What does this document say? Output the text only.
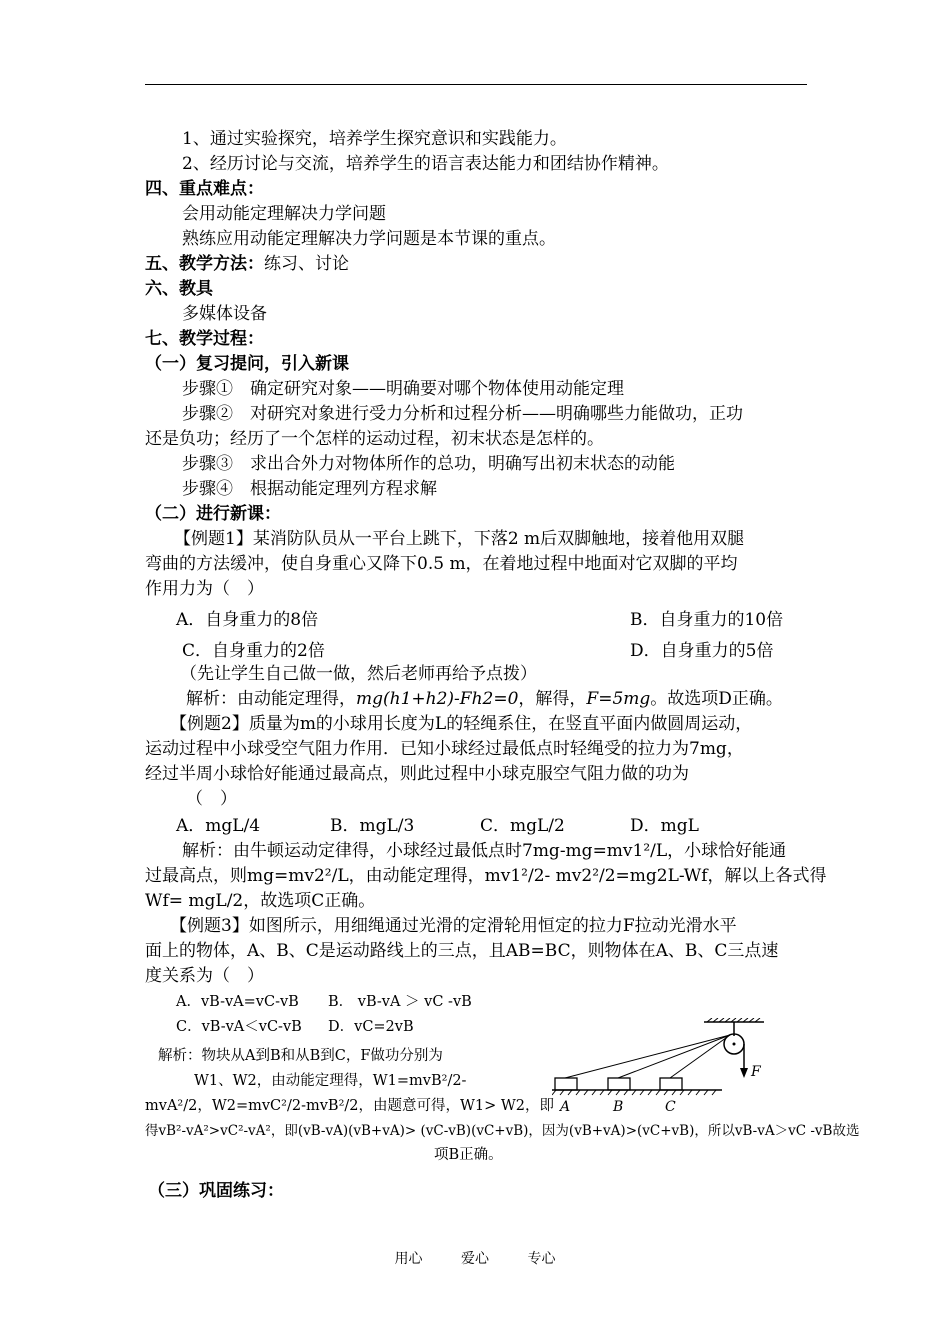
1、通过实验探究，培养学生探究意识和实践能力。
2、经历讨论与交流，培养学生的语言表达能力和团结协作精神。
四、重点难点：
会用动能定理解决力学问题
熟练应用动能定理解决力学问题是本节课的重点。
五、教学方法：练习、讨论
六、教具
多媒体设备
七、教学过程：
（一）复习提问，引入新课
步骤①　确定研究对象——明确要对哪个物体使用动能定理
步骤②　对研究对象进行受力分析和过程分析——明确哪些力能做功，正功
还是负功；经历了一个怎样的运动过程，初末状态是怎样的。
步骤③　求出合外力对物体所作的总功，明确写出初末状态的动能
步骤④　根据动能定理列方程求解
（二）进行新课：
【例题1】某消防队员从一平台上跳下，下落2 m后双脚触地，接着他用双腿
弯曲的方法缓冲，使自身重心又降下0.5 m，在着地过程中地面对它双脚的平均
作用力为（　）
A．自身重力的8倍	B．自身重力的10倍
C．自身重力的2倍	D．自身重力的5倍
（先让学生自己做一做，然后老师再给予点拨）
解析：由动能定理得，mg(h1+h2)-Fh2=0，解得，F=5mg。故选项D正确。
【例题2】质量为m的小球用长度为L的轻绳系住，在竖直平面内做圆周运动，
运动过程中小球受空气阻力作用．已知小球经过最低点时轻绳受的拉力为7mg，
经过半周小球恰好能通过最高点，则此过程中小球克服空气阻力做的功为
（　）
A．mgL/4	B．mgL/3	C．mgL/2	D．mgL
解析：由牛顿运动定律得，小球经过最低点时7mg-mg=mv1²/L，小球恰好能通
过最高点，则mg=mv2²/L，由动能定理得，mv1²/2- mv2²/2=mg2L-Wf，解以上各式得
Wf= mgL/2，故选项C正确。
【例题3】如图所示，用细绳通过光滑的定滑轮用恒定的拉力F拉动光滑水平
面上的物体，A、B、C是运动路线上的三点，且AB=BC，则物体在A、B、C三点速
度关系为（　）
A．vB-vA=vC-vB B． vB-vA ＞ vC -vB
C．vB-vA＜vC-vB D．vC=2vB
解析：物块从A到B和从B到C，F做功分别为
W1、W2，由动能定理得，W1=mvB²/2-
mvA²/2，W2=mvC²/2-mvB²/2，由题意可得，W1> W2，即
得vB²-vA²>vC²-vA²，即(vB-vA)(vB+vA)> (vC-vB)(vC+vB)，因为(vB+vA)>(vC+vB)，所以vB-vA＞vC -vB故选
项B正确。
F
A	B	C
（三）巩固练习：
用心	爱心	专心
